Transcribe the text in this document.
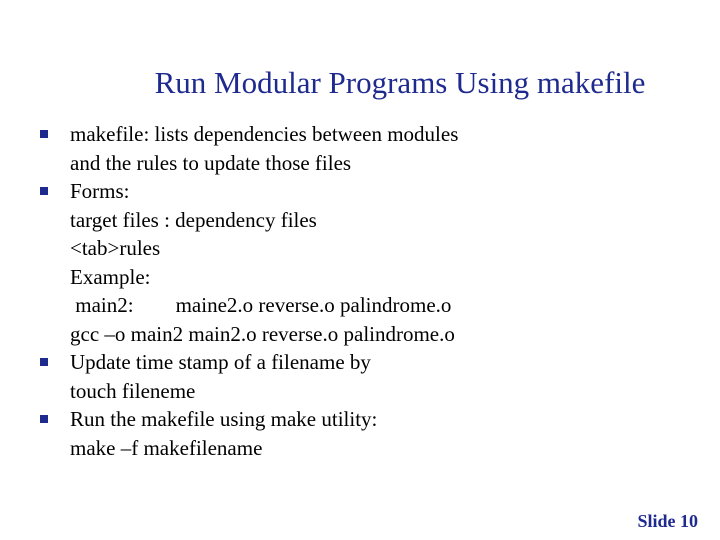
Run Modular Programs Using makefile
makefile: lists dependencies between modules
and the rules to update those files
Forms:
target files : dependency files
<tab>rules
Example:
main2:        maine2.o reverse.o palindrome.o
gcc –o main2 main2.o reverse.o palindrome.o
Update time stamp of a filename by
touch fileneme
Run the makefile using make utility:
make –f makefilename
Slide 10
